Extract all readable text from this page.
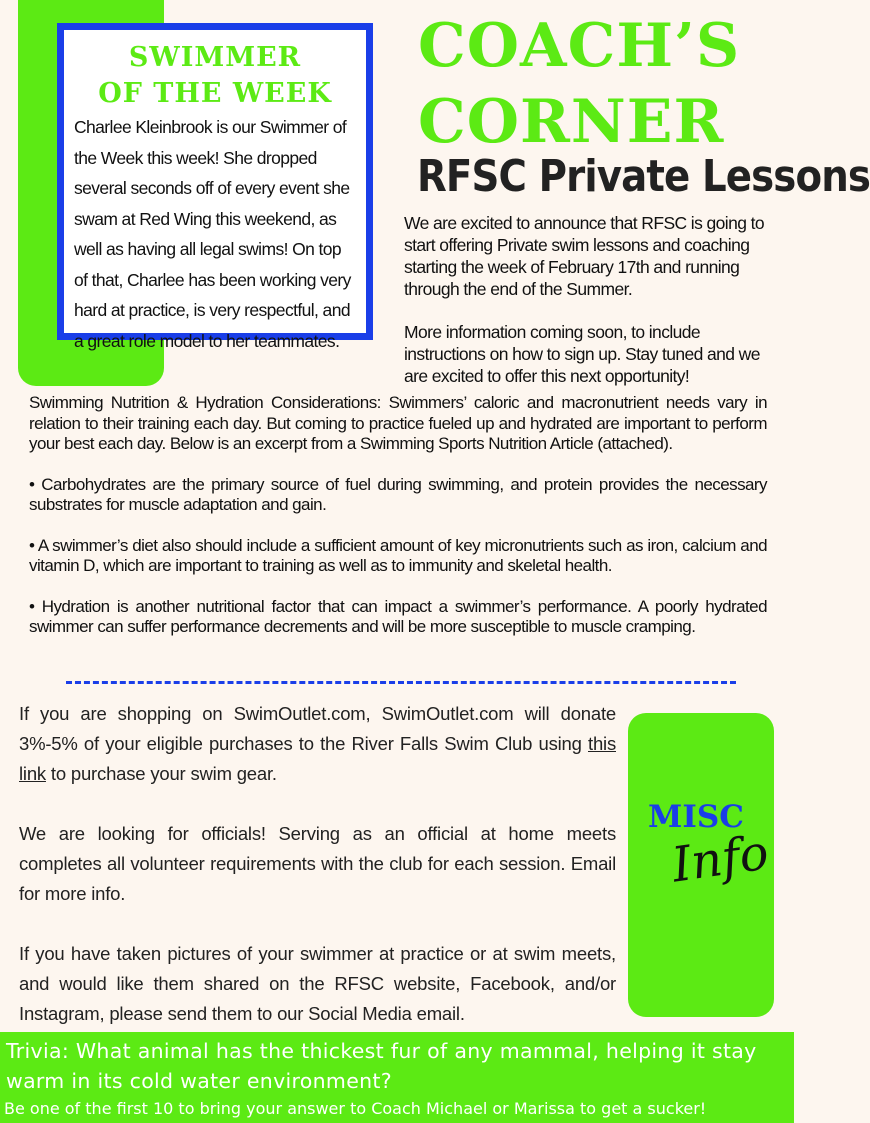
SWIMMER
OF THE WEEK

Charlee Kleinbrook is our Swimmer of the Week this week! She dropped several seconds off of every event she swam at Red Wing this weekend, as well as having all legal swims! On top of that, Charlee has been working very hard at practice, is very respectful, and a great role model to her teammates.

COACH’S
CORNER
RFSC Private Lessons

We are excited to announce that RFSC is going to start offering Private swim lessons and coaching starting the week of February 17th and running through the end of the Summer.

More information coming soon, to include instructions on how to sign up. Stay tuned and we are excited to offer this next opportunity!

Swimming Nutrition & Hydration Considerations: Swimmers’ caloric and macronutrient needs vary in relation to their training each day. But coming to practice fueled up and hydrated are important to perform your best each day. Below is an excerpt from a Swimming Sports Nutrition Article (attached).

• Carbohydrates are the primary source of fuel during swimming, and protein provides the necessary substrates for muscle adaptation and gain.

• A swimmer’s diet also should include a sufficient amount of key micronutrients such as iron, calcium and vitamin D, which are important to training as well as to immunity and skeletal health.

• Hydration is another nutritional factor that can impact a swimmer’s performance. A poorly hydrated swimmer can suffer performance decrements and will be more susceptible to muscle cramping.

If you are shopping on SwimOutlet.com, SwimOutlet.com will donate 3%-5% of your eligible purchases to the River Falls Swim Club using this link to purchase your swim gear.

We are looking for officials! Serving as an official at home meets completes all volunteer requirements with the club for each session. Email for more info.

If you have taken pictures of your swimmer at practice or at swim meets, and would like them shared on the RFSC website, Facebook, and/or Instagram, please send them to our Social Media email.

MISC
Info

Trivia: What animal has the thickest fur of any mammal, helping it stay warm in its cold water environment?

Be one of the first 10 to bring your answer to Coach Michael or Marissa to get a sucker!
